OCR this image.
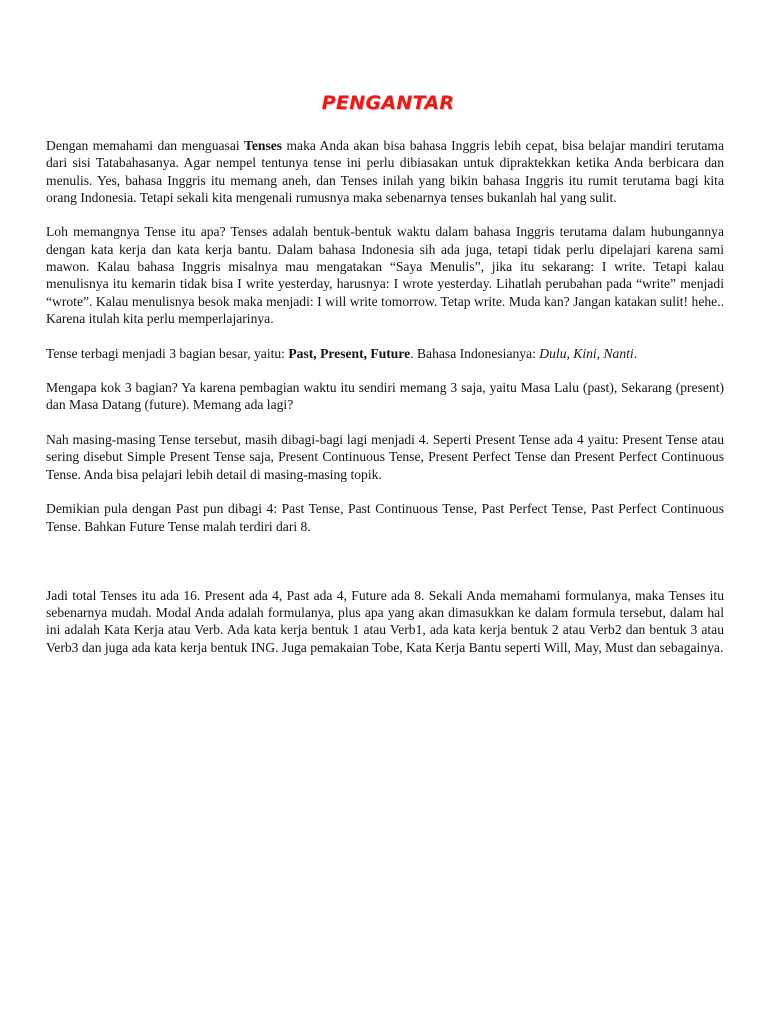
PENGANTAR

Dengan memahami dan menguasai Tenses maka Anda akan bisa bahasa Inggris lebih cepat, bisa belajar mandiri terutama dari sisi Tatabahasanya. Agar nempel tentunya tense ini perlu dibiasakan untuk dipraktekkan ketika Anda berbicara dan menulis. Yes, bahasa Inggris itu memang aneh, dan Tenses inilah yang bikin bahasa Inggris itu rumit terutama bagi kita orang Indonesia. Tetapi sekali kita mengenali rumusnya maka sebenarnya tenses bukanlah hal yang sulit.

Loh memangnya Tense itu apa? Tenses adalah bentuk-bentuk waktu dalam bahasa Inggris terutama dalam hubungannya dengan kata kerja dan kata kerja bantu. Dalam bahasa Indonesia sih ada juga, tetapi tidak perlu dipelajari karena sami mawon. Kalau bahasa Inggris misalnya mau mengatakan “Saya Menulis”, jika itu sekarang: I write. Tetapi kalau menulisnya itu kemarin tidak bisa I write yesterday, harusnya: I wrote yesterday. Lihatlah perubahan pada “write” menjadi “wrote”. Kalau menulisnya besok maka menjadi: I will write tomorrow. Tetap write. Muda kan? Jangan katakan sulit! hehe.. Karena itulah kita perlu memperlajarinya.

Tense terbagi menjadi 3 bagian besar, yaitu: Past, Present, Future. Bahasa Indonesianya: Dulu, Kini, Nanti.

Mengapa kok 3 bagian? Ya karena pembagian waktu itu sendiri memang 3 saja, yaitu Masa Lalu (past), Sekarang (present) dan Masa Datang (future). Memang ada lagi?

Nah masing-masing Tense tersebut, masih dibagi-bagi lagi menjadi 4. Seperti Present Tense ada 4 yaitu: Present Tense atau sering disebut Simple Present Tense saja, Present Continuous Tense, Present Perfect Tense dan Present Perfect Continuous Tense. Anda bisa pelajari lebih detail di masing-masing topik.

Demikian pula dengan Past pun dibagi 4: Past Tense, Past Continuous Tense, Past Perfect Tense, Past Perfect Continuous Tense. Bahkan Future Tense malah terdiri dari 8.

Jadi total Tenses itu ada 16. Present ada 4, Past ada 4, Future ada 8. Sekali Anda memahami formulanya, maka Tenses itu sebenarnya mudah. Modal Anda adalah formulanya, plus apa yang akan dimasukkan ke dalam formula tersebut, dalam hal ini adalah Kata Kerja atau Verb. Ada kata kerja bentuk 1 atau Verb1, ada kata kerja bentuk 2 atau Verb2 dan bentuk 3 atau Verb3 dan juga ada kata kerja bentuk ING. Juga pemakaian Tobe, Kata Kerja Bantu seperti Will, May, Must dan sebagainya.
